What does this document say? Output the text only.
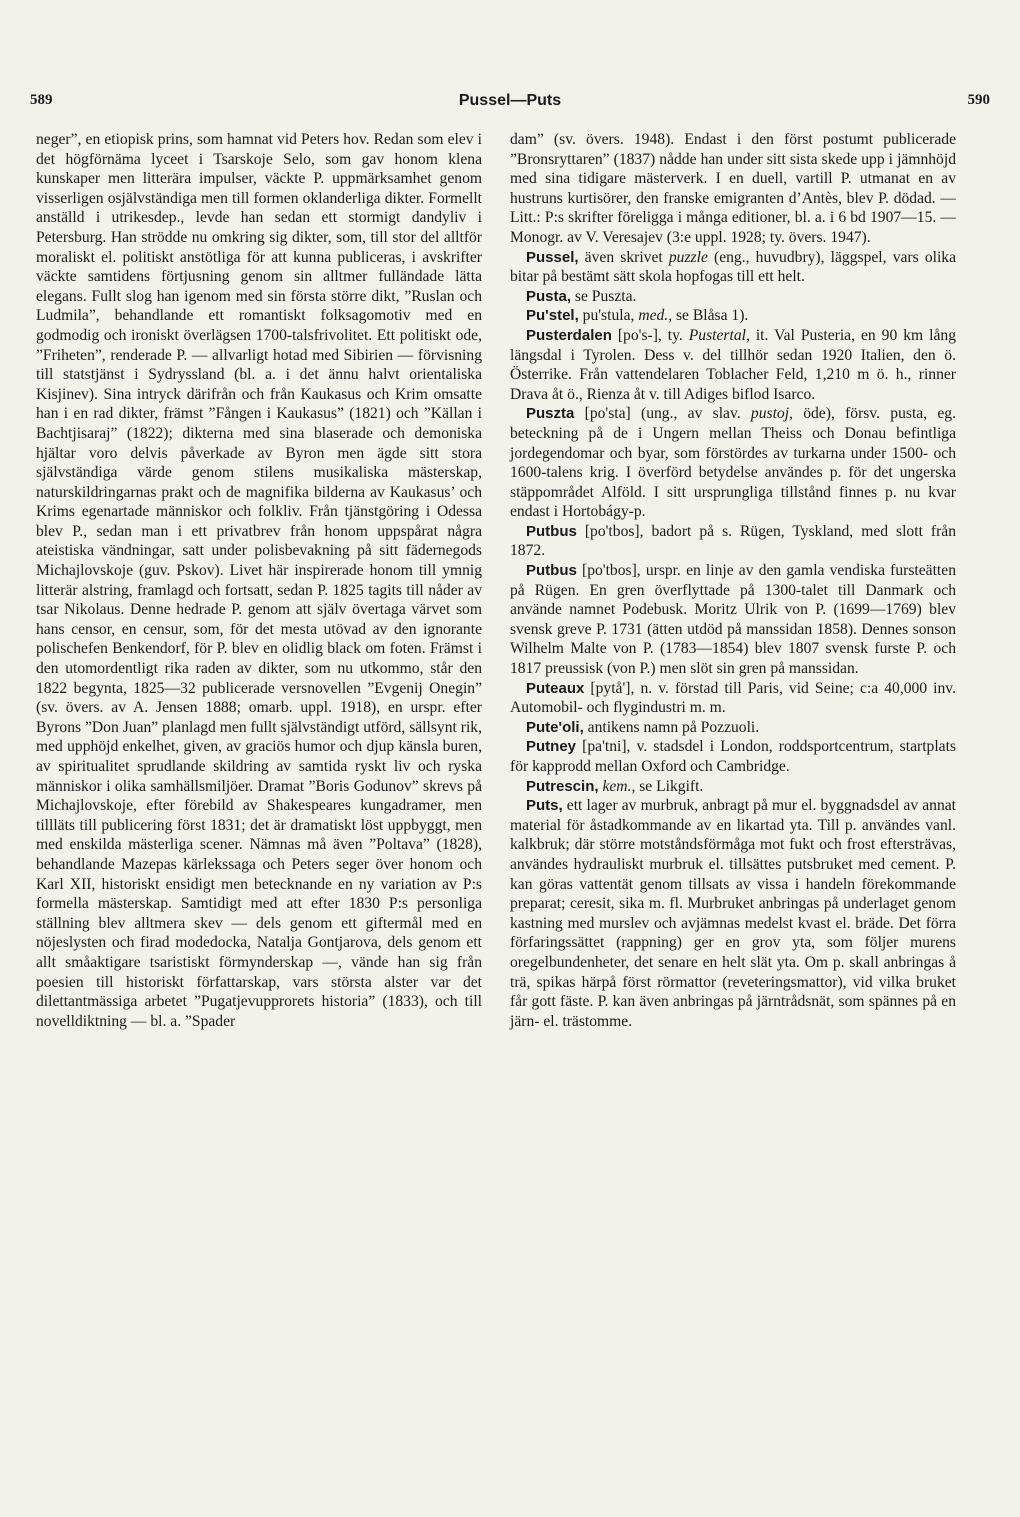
589	Pussel—Puts	590

neger”, en etiopisk prins, som hamnat vid Peters hov. Redan som elev i det högförnäma lyceet i Tsarskoje Selo, som gav honom klena kunskaper men litterära impulser, väckte P. uppmärksamhet genom visserligen osjälvständiga men till formen oklanderliga dikter. Formellt anställd i utrikesdep., levde han sedan ett stormigt dandyliv i Petersburg. Han strödde nu omkring sig dikter, som, till stor del alltför moraliskt el. politiskt anstötliga för att kunna publiceras, i avskrifter väckte samtidens förtjusning genom sin alltmer fulländade lätta elegans. Fullt slog han igenom med sin första större dikt, ”Ruslan och Ludmila”, behandlande ett romantiskt folksagomotiv med en godmodig och ironiskt överlägsen 1700-talsfrivolitet. Ett politiskt ode, ”Friheten”, renderade P. — allvarligt hotad med Sibirien — förvisning till statstjänst i Sydryssland (bl. a. i det ännu halvt orientaliska Kisjinev). Sina intryck därifrån och från Kaukasus och Krim omsatte han i en rad dikter, främst ”Fången i Kaukasus” (1821) och ”Källan i Bachtjisaraj” (1822); dikterna med sina blaserade och demoniska hjältar voro delvis påverkade av Byron men ägde sitt stora självständiga värde genom stilens musikaliska mästerskap, naturskildringarnas prakt och de magnifika bilderna av Kaukasus’ och Krims egenartade människor och folkliv. Från tjänstgöring i Odessa blev P., sedan man i ett privatbrev från honom uppspårat några ateistiska vändningar, satt under polisbevakning på sitt fädernegods Michajlovskoje (guv. Pskov). Livet här inspirerade honom till ymnig litterär alstring, framlagd och fortsatt, sedan P. 1825 tagits till nåder av tsar Nikolaus. Denne hedrade P. genom att själv övertaga värvet som hans censor, en censur, som, för det mesta utövad av den ignorante polischefen Benkendorf, för P. blev en olidlig black om foten. Främst i den utomordentligt rika raden av dikter, som nu utkommo, står den 1822 begynta, 1825—32 publicerade versnovellen ”Evgenij Onegin” (sv. övers. av A. Jensen 1888; omarb. uppl. 1918), en urspr. efter Byrons ”Don Juan” planlagd men fullt självständigt utförd, sällsynt rik, med upphöjd enkelhet, given, av graciös humor och djup känsla buren, av spiritualitet sprudlande skildring av samtida ryskt liv och ryska människor i olika samhällsmiljöer. Dramat ”Boris Godunov” skrevs på Michajlovskoje, efter förebild av Shakespeares kungadramer, men tillläts till publicering först 1831; det är dramatiskt löst uppbyggt, men med enskilda mästerliga scener. Nämnas må även ”Poltava” (1828), behandlande Mazepas kärlekssaga och Peters seger över honom och Karl XII, historiskt ensidigt men betecknande en ny variation av P:s formella mästerskap. Samtidigt med att efter 1830 P:s personliga ställning blev alltmera skev — dels genom ett giftermål med en nöjeslysten och firad modedocka, Natalja Gontjarova, dels genom ett allt småaktigare tsaristiskt förmynderskap —, vände han sig från poesien till historiskt författarskap, vars största alster var det dilettantmässiga arbetet ”Pugatjevupprorets historia” (1833), och till novelldiktning — bl. a. ”Spader

dam” (sv. övers. 1948). Endast i den först postumt publicerade ”Bronsryttaren” (1837) nådde han under sitt sista skede upp i jämnhöjd med sina tidigare mästerverk. I en duell, vartill P. utmanat en av hustruns kurtisörer, den franske emigranten d’Antès, blev P. dödad. — Litt.: P:s skrifter föreligga i många editioner, bl. a. i 6 bd 1907—15. — Monogr. av V. Veresajev (3:e uppl. 1928; ty. övers. 1947).

Pussel, även skrivet puzzle (eng., huvudbry), läggspel, vars olika bitar på bestämt sätt skola hopfogas till ett helt.

Pusta, se Puszta.

Pu'stel, pu'stula, med., se Blåsa 1).

Pusterdalen [po's-], ty. Pustertal, it. Val Pusteria, en 90 km lång längsdal i Tyrolen. Dess v. del tillhör sedan 1920 Italien, den ö. Österrike. Från vattendelaren Toblacher Feld, 1,210 m ö. h., rinner Drava åt ö., Rienza åt v. till Adiges biflod Isarco.

Puszta [po'sta] (ung., av slav. pustoj, öde), försv. pusta, eg. beteckning på de i Ungern mellan Theiss och Donau befintliga jordegendomar och byar, som förstördes av turkarna under 1500- och 1600-talens krig. I överförd betydelse användes p. för det ungerska stäppområdet Alföld. I sitt ursprungliga tillstånd finnes p. nu kvar endast i Hortobágy-p.

Putbus [po'tbos], badort på s. Rügen, Tyskland, med slott från 1872.

Putbus [po'tbos], urspr. en linje av den gamla vendiska fursteätten på Rügen. En gren överflyttade på 1300-talet till Danmark och använde namnet Podebusk. Moritz Ulrik von P. (1699—1769) blev svensk greve P. 1731 (ätten utdöd på manssidan 1858). Dennes sonson Wilhelm Malte von P. (1783—1854) blev 1807 svensk furste P. och 1817 preussisk (von P.) men slöt sin gren på manssidan.

Puteaux [pytå'], n. v. förstad till Paris, vid Seine; c:a 40,000 inv. Automobil- och flygindustri m. m.

Pute'oli, antikens namn på Pozzuoli.

Putney [pa'tni], v. stadsdel i London, roddsportcentrum, startplats för kapprodd mellan Oxford och Cambridge.

Putrescin, kem., se Likgift.

Puts, ett lager av murbruk, anbragt på mur el. byggnadsdel av annat material för åstadkommande av en likartad yta. Till p. användes vanl. kalkbruk; där större motståndsförmåga mot fukt och frost eftersträvas, användes hydrauliskt murbruk el. tillsättes putsbruket med cement. P. kan göras vattentät genom tillsats av vissa i handeln förekommande preparat; ceresit, sika m. fl. Murbruket anbringas på underlaget genom kastning med murslev och avjämnas medelst kvast el. bräde. Det förra förfaringssättet (rappning) ger en grov yta, som följer murens oregelbundenheter, det senare en helt slät yta. Om p. skall anbringas å trä, spikas härpå först rörmattor (reveteringsmattor), vid vilka bruket får gott fäste. P. kan även anbringas på järntrådsnät, som spännes på en järn- el. trästomme.
